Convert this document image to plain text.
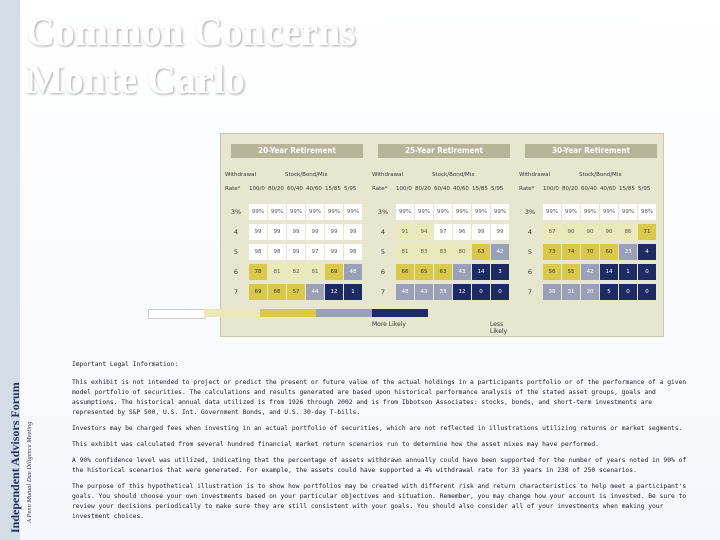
Independent Advisors Forum A Penn Mutual Due Diligence Meeting
Common Concerns
Monte Carlo
20-Year Retirement
Withdrawal	Stock/Bond/Mix
Rate* 100/0 80/20 60/40 40/60 15/85 5/95
3%	99%	99%	99%	99%	99%	99%
4	99	99	99	99	99	99
5	98	98	99	97	99	98
6	78	81	82	81	69	48
7	69	68	57	44	12	1
25-Year Retirement
Withdrawal	Stock/Bond/Mix
Rate* 100/0 80/20 60/40 40/60 15/85 5/95
3%	99%	99%	99%	99%	99%	99%
4	91	94	97	96	99	99
5	81	83	83	80	63	42
6	66	65	63	43	14	3
7	48	43	33	12	0	0
30-Year Retirement
Withdrawal	Stock/Bond/Mix
Rate* 100/0 80/20 60/40 40/60 15/85 5/95
3%	99%	99%	99%	99%	99%	98%
4	87	90	90	90	86	71
5	73	74	70	60	23	4
6	56	55	42	14	1	0
7	38	31	20	5	0	0
More Likely	Less Likely

Important Legal Information:

This exhibit is not intended to project or predict the present or future value of the actual holdings in a participants portfolio or of the performance of a given model portfolio of securities. The calculations and results generated are based upon historical performance analysis of the stated asset groups, goals and assumptions. The historical annual data utilized is from 1926 through 2002 and is from Ibbotson Associates: stocks, bonds, and short-term investments are represented by S&P 500, U.S. Int. Government Bonds, and U.S. 30-day T-bills.

Investors may be charged fees when investing in an actual portfolio of securities, which are not reflected in illustrations utilizing returns or market segments.

This exhibit was calculated from several hundred financial market return scenarios run to determine how the asset mixes may have performed.

A 90% confidence level was utilized, indicating that the percentage of assets withdrawn annually could have been supported for the number of years noted in 90% of the historical scenarios that were generated. For example, the assets could have supported a 4% withdrawal rate for 33 years in 238 of 250 scenarios.

The purpose of this hypothetical illustration is to show how portfolios may be created with different risk and return characteristics to help meet a participant's goals. You should choose your own investments based on your particular objectives and situation. Remember, you may change how your account is invested. Be sure to review your decisions periodically to make sure they are still consistent with your goals. You should also consider all of your investments when making your investment choices.
